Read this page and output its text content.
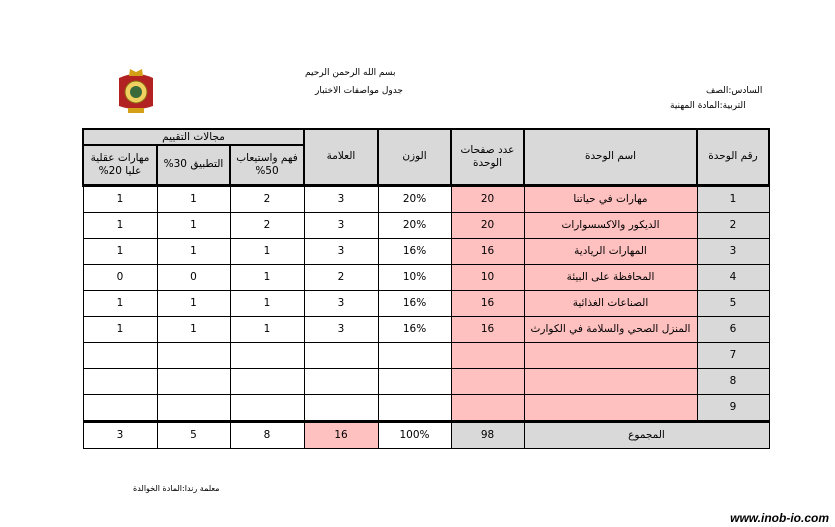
بسم الله الرحمن الرحيم
جدول مواصفات الاختبار	السادس:الصف
التربية:المادة المهنية
رقم الوحدة	اسم الوحدة	عدد صفحات الوحدة	الوزن	العلامة	مجالات التقييم		
					فهم واستيعاب 50%	التطبيق 30%	مهارات عقلية عليا 20%
1	مهارات في حياتنا	20	20%	3	2	1	1
2	الديكور والاكسسوارات	20	20%	3	2	1	1
3	المهارات الريادية	16	16%	3	1	1	1
4	المحافظة على البيئة	10	10%	2	1	0	0
5	الصناعات الغذائية	16	16%	3	1	1	1
6	المنزل الصحي والسلامة في الكوارث	16	16%	3	1	1	1
7							
8							
9							
المجموع		98	100%	16	8	5	3
معلمة رندا:المادة الخوالدة
www.inob-io.com
